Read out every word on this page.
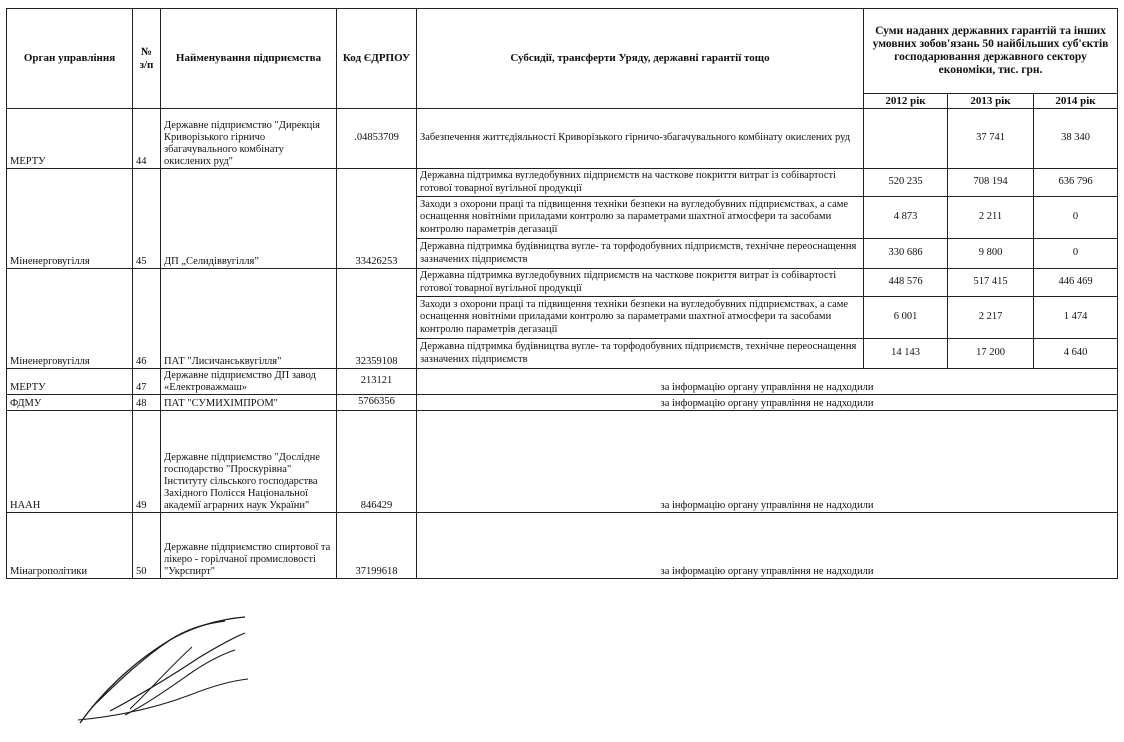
Орган управління	№ з/п	Найменування підприємства	Код ЄДРПОУ	Субсидії, трансферти Уряду, державні гарантії тощо	Суми наданих державних гарантій та інших умовних зобов'язань 50 найбільших суб'єктів господарювання державного сектору економіки, тис. грн.		
					2012 рік	2013 рік	2014 рік
МЕРТУ	44	Державне підприємство "Дирекція Криворізького гірничо збагачувального комбінату окислених руд"	.04853709	Забезпечення життєдіяльності Криворізького гірничо-збагачувального комбінату окислених руд		37 741	38 340
Міненерговугілля	45	ДП „Селидіввугілля”	33426253	Державна підтримка вугледобувних підприємств на часткове покриття витрат із собівартості готової товарної вугільної продукції	520 235	708 194	636 796
				Заходи з охорони праці та підвищення техніки безпеки на вугледобувних підприємствах, а саме оснащення новітніми приладами контролю за параметрами шахтної атмосфери та засобами контролю параметрів дегазації	4 873	2 211	0
				Державна підтримка будівництва вугле- та торфодобувних підприємств, технічне переоснащення зазначених підприємств	330 686	9 800	0
Міненерговугілля	46	ПАТ "Лисичанськвугілля"	32359108	Державна підтримка вуглeдобувних підприємств на часткове покриття витрат із собівартості готової товарної вугільної продукції	448 576	517 415	446 469
				Заходи з охорони праці та підвищення техніки безпеки на вугледобувних підприємствах, а саме оснащення новітніми приладами контролю за параметрами шахтної атмосфери та засобами контролю параметрів дегазації	6 001	2 217	1 474
				Державна підтримка будівництва вугле- та торфодобувних підприємств, технічне переоснащення зазначених підприємств	14 143	17 200	4 640
МЕРТУ	47	Державне підприємство ДП завод «Електроважмаш»	213121	за інформацію органу управління не надходили			
ФДМУ	48	ПАТ "СУМИХІМПРОМ"	5766356	за інформацію органу управління не надходили			
НААН	49	Державне підприємство "Дослідне господарство "Проскурівна" Інституту сільського господарства Західного Полісся Національної академії аграрних наук України"	846429	за інформацію органу управління не надходили			
Мінагрополітики	50	Державне підприємство спиртової та лікеро - горілчаної промисловості "Укрспирт"	37199618	за інформацію органу управління не надходили			
